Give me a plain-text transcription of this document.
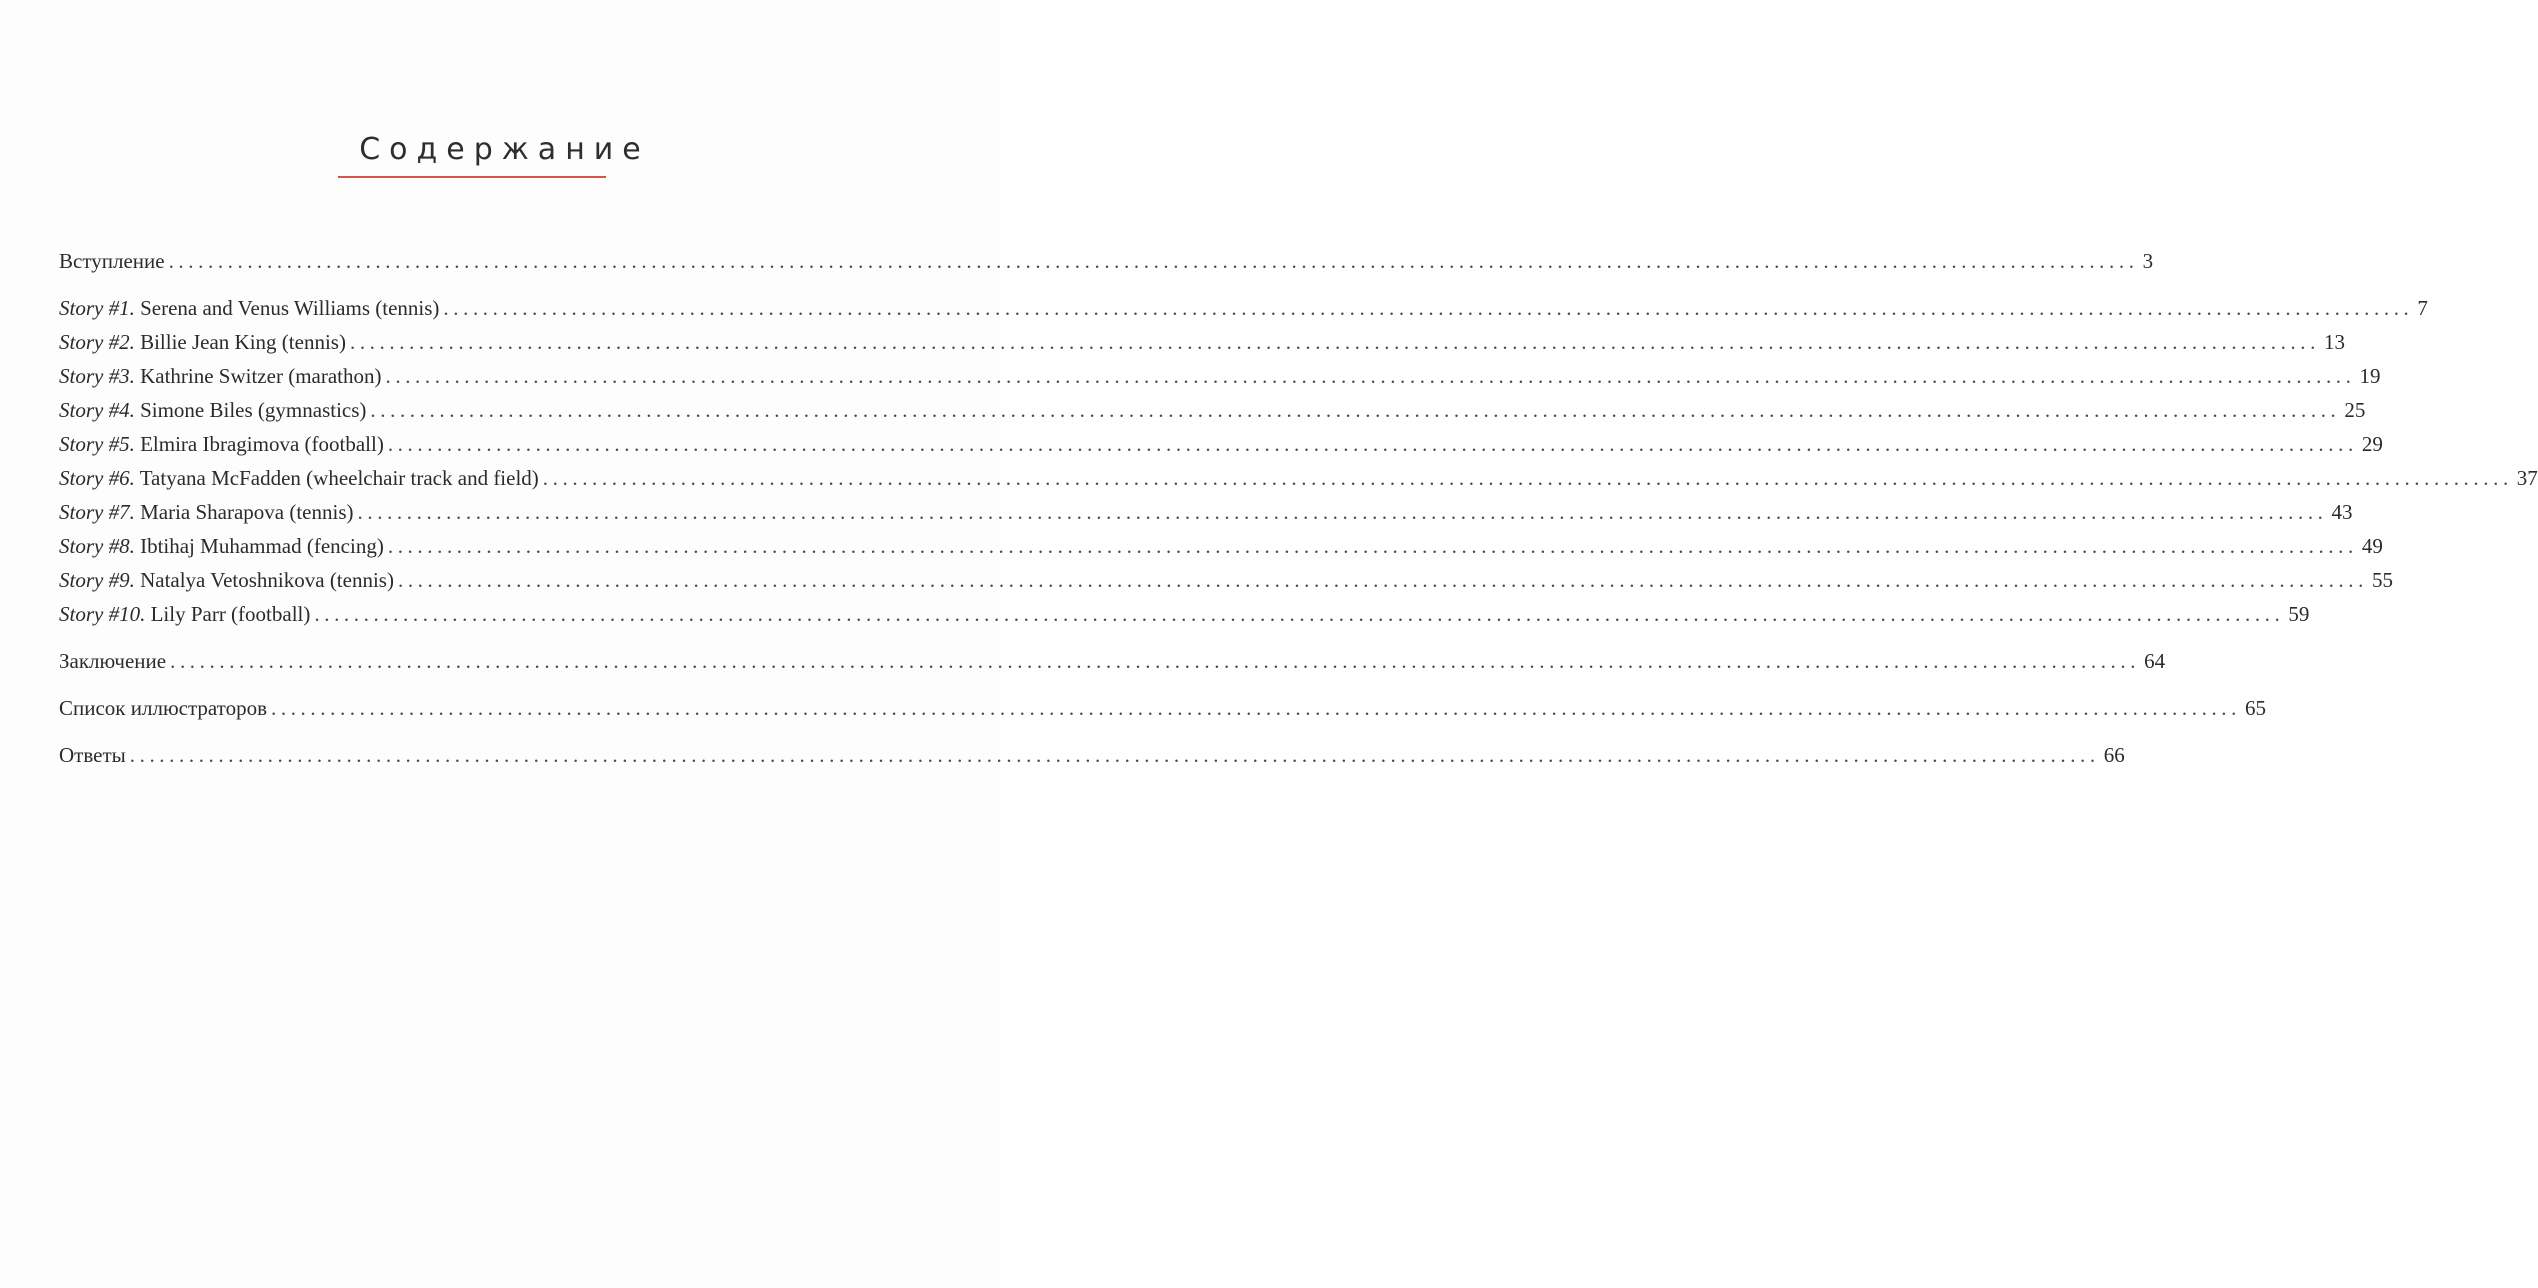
Содержание
Вступление ........................................................................................................................................................................................................ 3
Story #1. Serena and Venus Williams (tennis) ........................................................................................................................................................................................................ 7
Story #2. Billie Jean King (tennis) ........................................................................................................................................................................................................ 13
Story #3. Kathrine Switzer (marathon) ........................................................................................................................................................................................................ 19
Story #4. Simone Biles (gymnastics) ........................................................................................................................................................................................................ 25
Story #5. Elmira Ibragimova (football) ........................................................................................................................................................................................................ 29
Story #6. Tatyana McFadden (wheelchair track and field) ........................................................................................................................................................................................................ 37
Story #7. Maria Sharapova (tennis) ........................................................................................................................................................................................................ 43
Story #8. Ibtihaj Muhammad (fencing) ........................................................................................................................................................................................................ 49
Story #9. Natalya Vetoshnikova (tennis) ........................................................................................................................................................................................................ 55
Story #10. Lily Parr (football) ........................................................................................................................................................................................................ 59
Заключение ........................................................................................................................................................................................................ 64
Список иллюстраторов ........................................................................................................................................................................................................ 65
Ответы ........................................................................................................................................................................................................ 66
